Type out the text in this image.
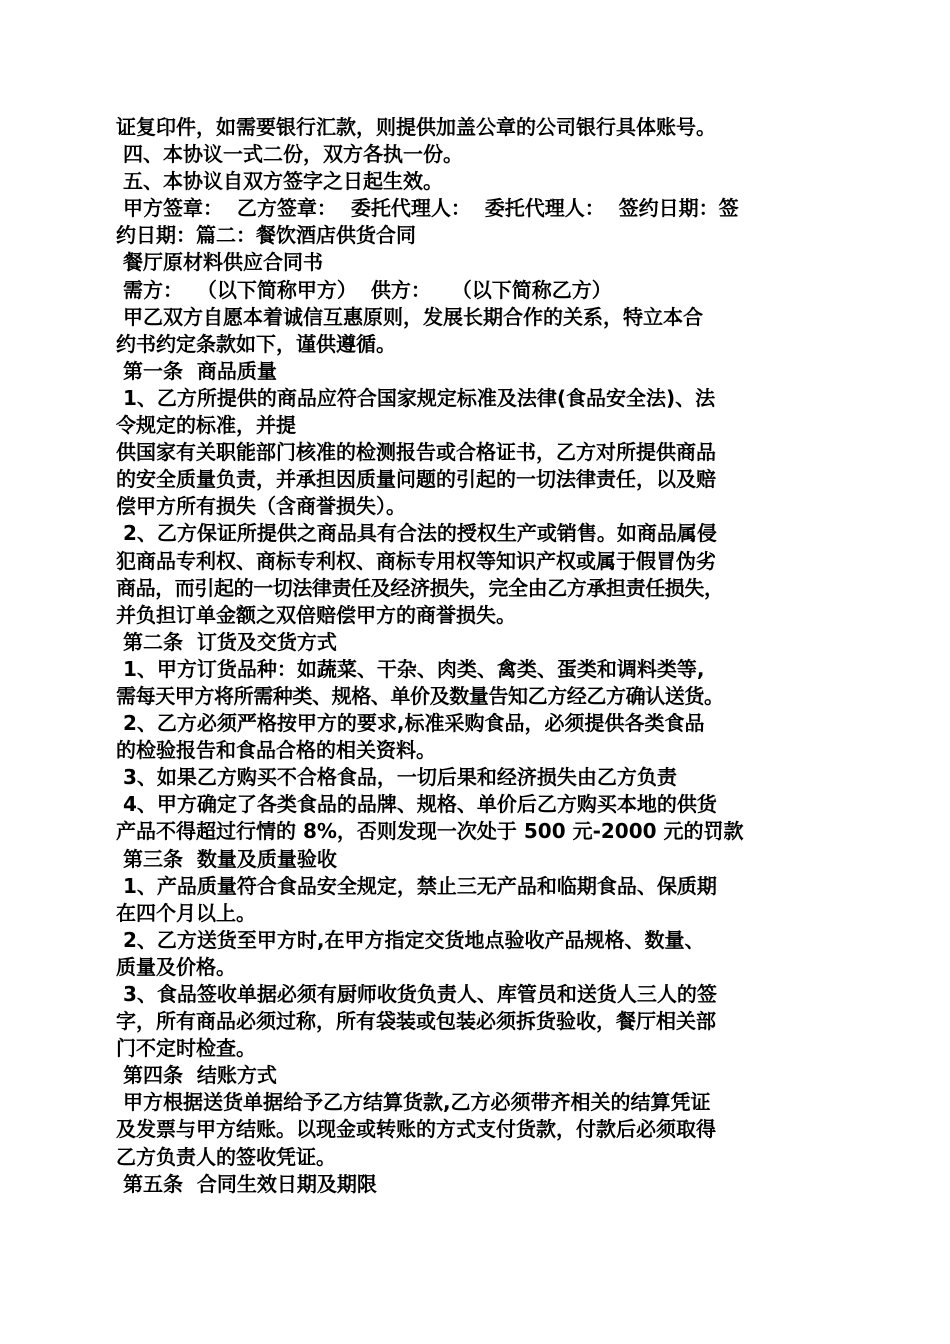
证复印件，如需要银行汇款，则提供加盖公章的公司银行具体账号。
四、本协议一式二份，双方各执一份。
五、本协议自双方签字之日起生效。
甲方签章：  乙方签章：  委托代理人：  委托代理人：  签约日期：签
约日期：篇二：餐饮酒店供货合同
餐厅原材料供应合同书
需方：  （以下简称甲方）  供方：   （以下简称乙方）
甲乙双方自愿本着诚信互惠原则，发展长期合作的关系，特立本合
约书约定条款如下，谨供遵循。
第一条  商品质量
1、乙方所提供的商品应符合国家规定标准及法律(食品安全法)、法
令规定的标准，并提
供国家有关职能部门核准的检测报告或合格证书，乙方对所提供商品
的安全质量负责，并承担因质量问题的引起的一切法律责任，以及赔
偿甲方所有损失（含商誉损失）。
2、乙方保证所提供之商品具有合法的授权生产或销售。如商品属侵
犯商品专利权、商标专利权、商标专用权等知识产权或属于假冒伪劣
商品，而引起的一切法律责任及经济损失，完全由乙方承担责任损失，
并负担订单金额之双倍赔偿甲方的商誉损失。
第二条  订货及交货方式
1、甲方订货品种：如蔬菜、干杂、肉类、禽类、蛋类和调料类等,
需每天甲方将所需种类、规格、单价及数量告知乙方经乙方确认送货。
2、乙方必须严格按甲方的要求,标准采购食品，必须提供各类食品
的检验报告和食品合格的相关资料。
3、如果乙方购买不合格食品，一切后果和经济损失由乙方负责
4、甲方确定了各类食品的品牌、规格、单价后乙方购买本地的供货
产品不得超过行情的 8%，否则发现一次处于 500 元-2000 元的罚款
第三条  数量及质量验收
1、产品质量符合食品安全规定，禁止三无产品和临期食品、保质期
在四个月以上。
2、乙方送货至甲方时,在甲方指定交货地点验收产品规格、数量、
质量及价格。
3、食品签收单据必须有厨师收货负责人、库管员和送货人三人的签
字，所有商品必须过称，所有袋装或包装必须拆货验收，餐厅相关部
门不定时检查。
第四条  结账方式
甲方根据送货单据给予乙方结算货款,乙方必须带齐相关的结算凭证
及发票与甲方结账。以现金或转账的方式支付货款，付款后必须取得
乙方负责人的签收凭证。
第五条  合同生效日期及期限
